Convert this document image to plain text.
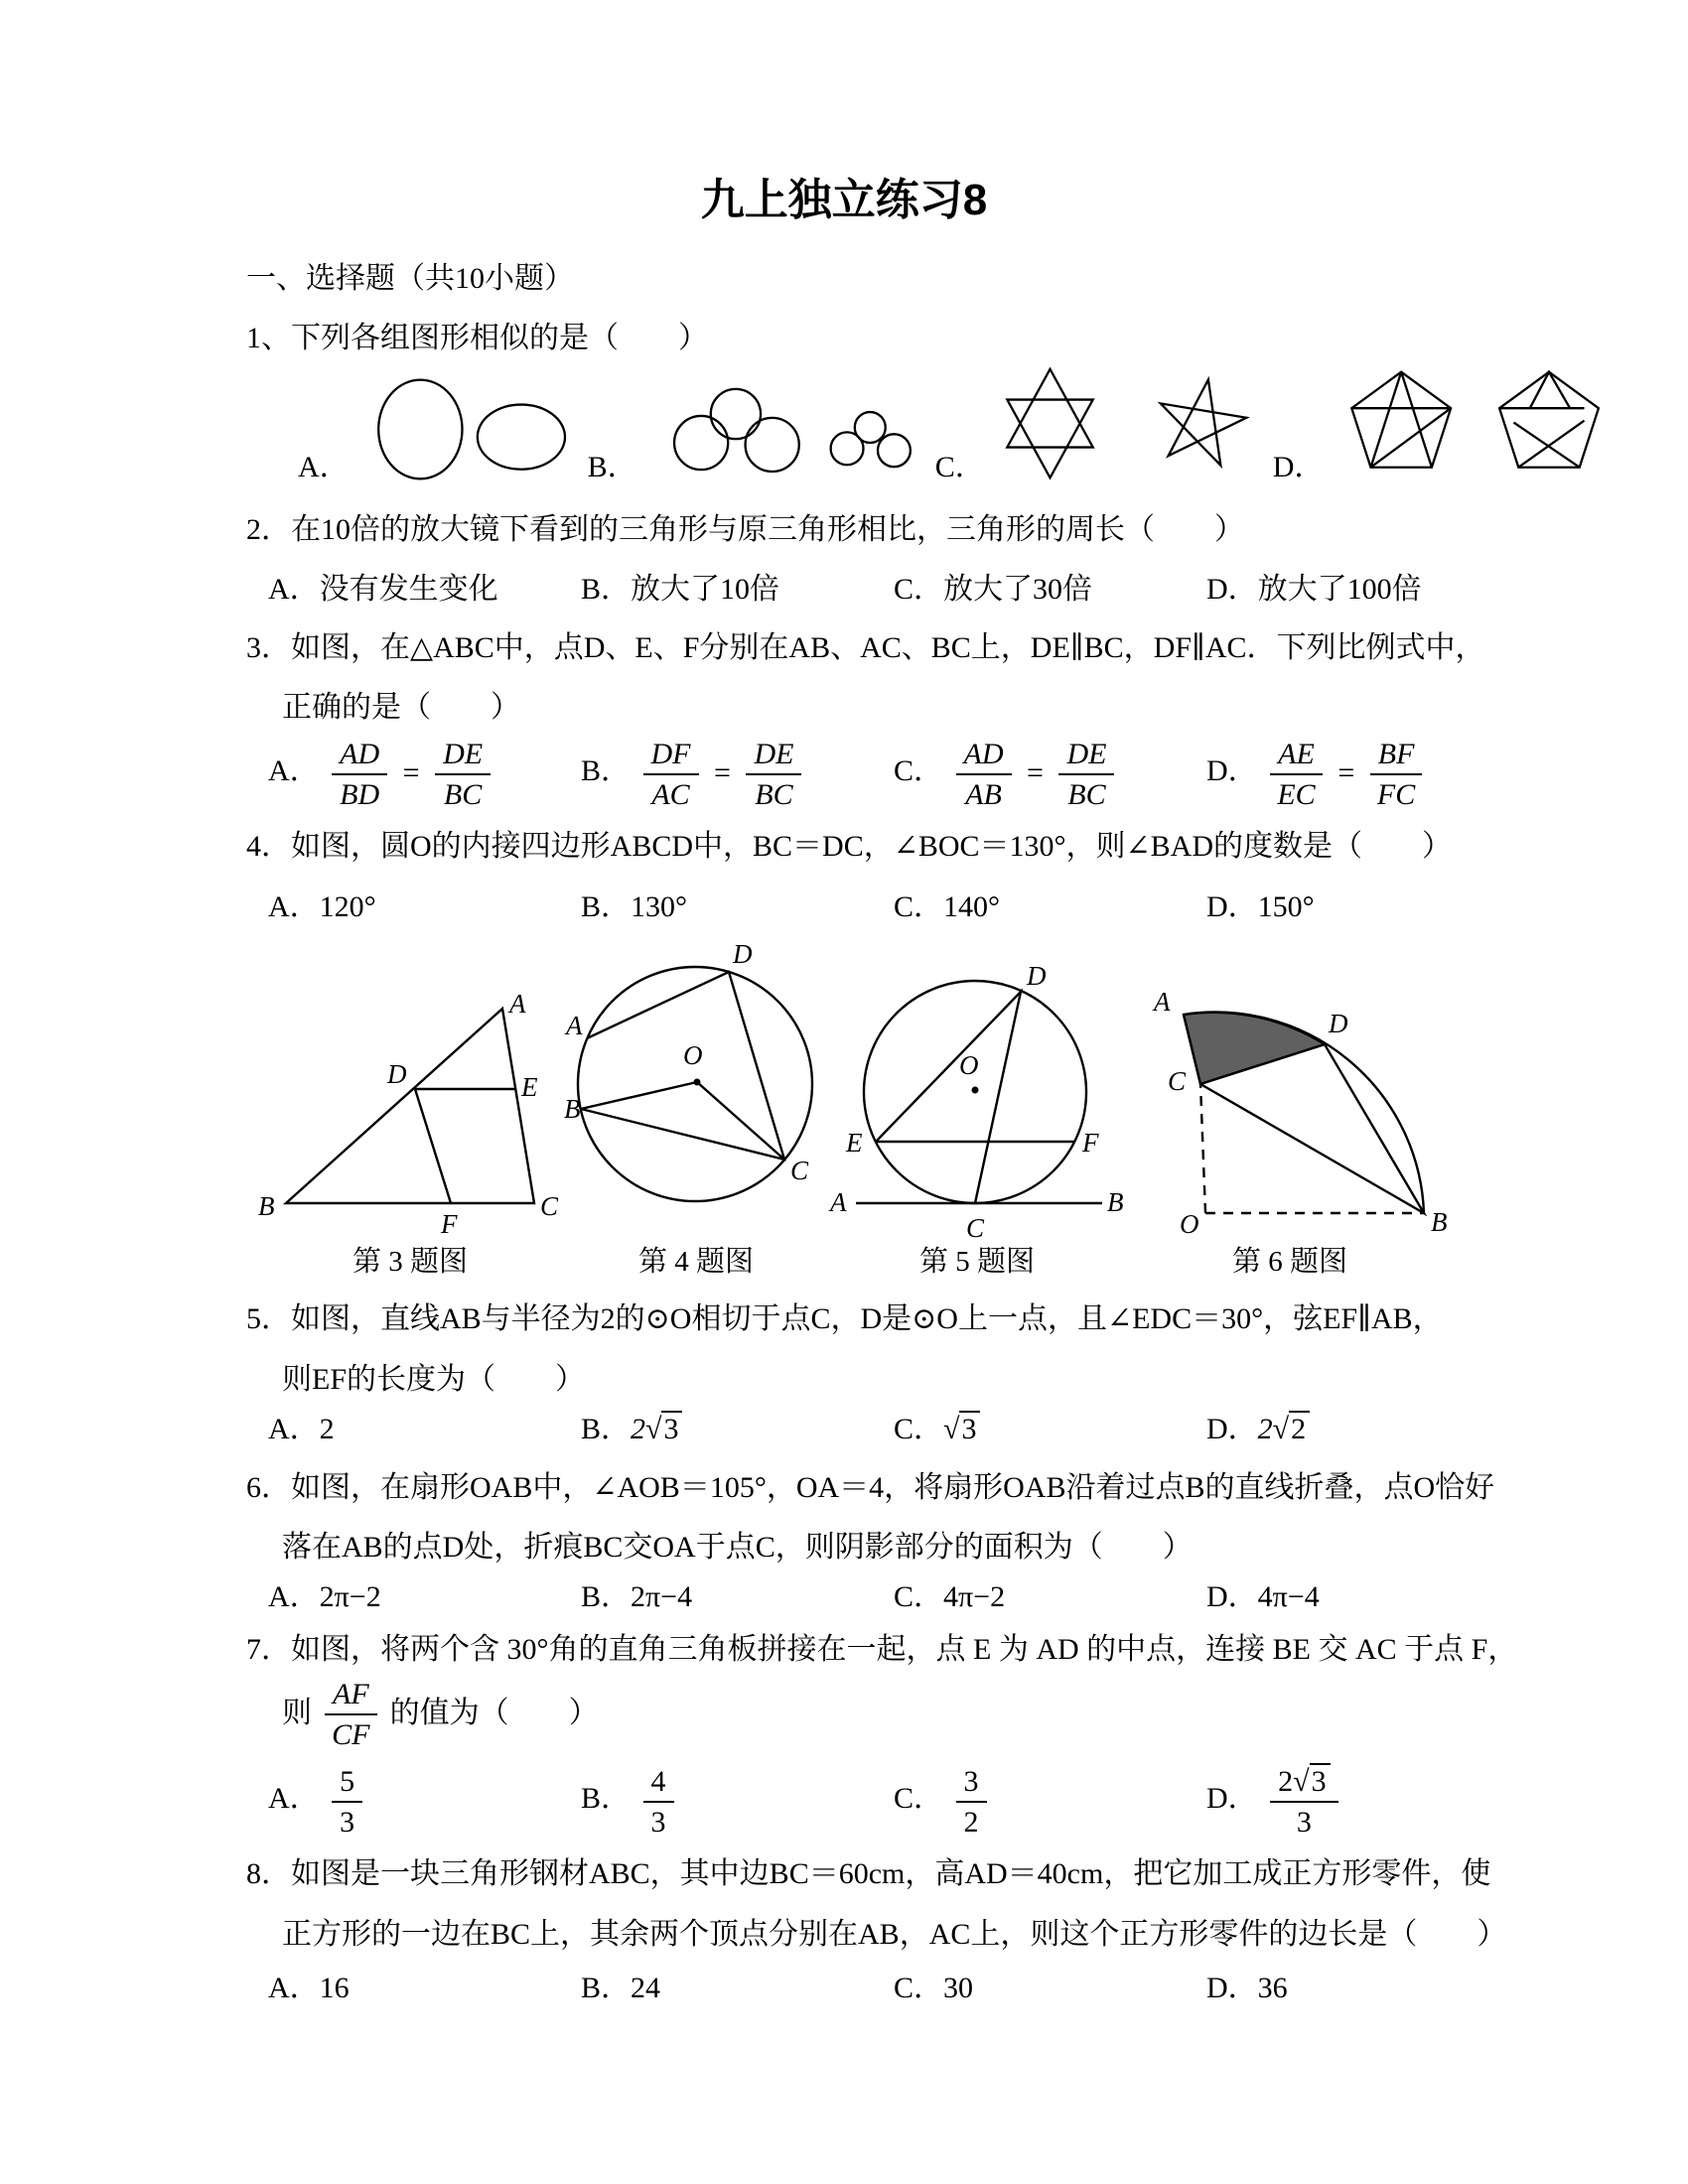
九上独立练习8

一、选择题（共10小题）

1、下列各组图形相似的是（　　）

A．	B．	C．	D．

2．在10倍的放大镜下看到的三角形与原三角形相比，三角形的周长（　　）

A．没有发生变化	B．放大了10倍	C．放大了30倍	D．放大了100倍

3．如图，在△ABC中，点D、E、F分别在AB、AC、BC上，DE∥BC，DF∥AC．下列比例式中，

正确的是（　　）

A． $\frac{AD}{BD} = \frac{DE}{BC}$	B． $\frac{DF}{AC} = \frac{DE}{BC}$	C． $\frac{AD}{AB} = \frac{DE}{BC}$	D． $\frac{AE}{EC} = \frac{BF}{FC}$

4．如图，圆O的内接四边形ABCD中，BC＝DC，∠BOC＝130°，则∠BAD的度数是（　　）

A．120°	B．130°	C．140°	D．150°
A
B	C
D	E
F
第 3 题图
A
B
C
D
O
第 4 题图
A	B
C
D
E	F
O
第 5 题图
A
B
C
D
O
第 6 题图

5．如图，直线AB与半径为2的⊙O相切于点C，D是⊙O上一点，且∠EDC＝30°，弦EF∥AB，

则EF的长度为（　　）

A．2	B．2√3	C．√3	D．2√2

6．如图，在扇形OAB中，∠AOB＝105°，OA＝4，将扇形OAB沿着过点B的直线折叠，点O恰好

落在AB的点D处，折痕BC交OA于点C，则阴影部分的面积为（　　）

A．2π−2	B．2π−4	C．4π−2	D．4π−4

7．如图，将两个含 30°角的直角三角板拼接在一起，点 E 为 AD 的中点，连接 BE 交 AC 于点 F，

则 $\frac{AF}{CF}$ 的值为（　　）
A． $\frac{5}{3}$	B． $\frac{4}{3}$	C． $\frac{3}{2}$	D． $\frac{2√3}{3}$

8．如图是一块三角形钢材ABC，其中边BC＝60cm，高AD＝40cm，把它加工成正方形零件，使

正方形的一边在BC上，其余两个顶点分别在AB，AC上，则这个正方形零件的边长是（　　）

A．16	B．24	C．30	D．36
